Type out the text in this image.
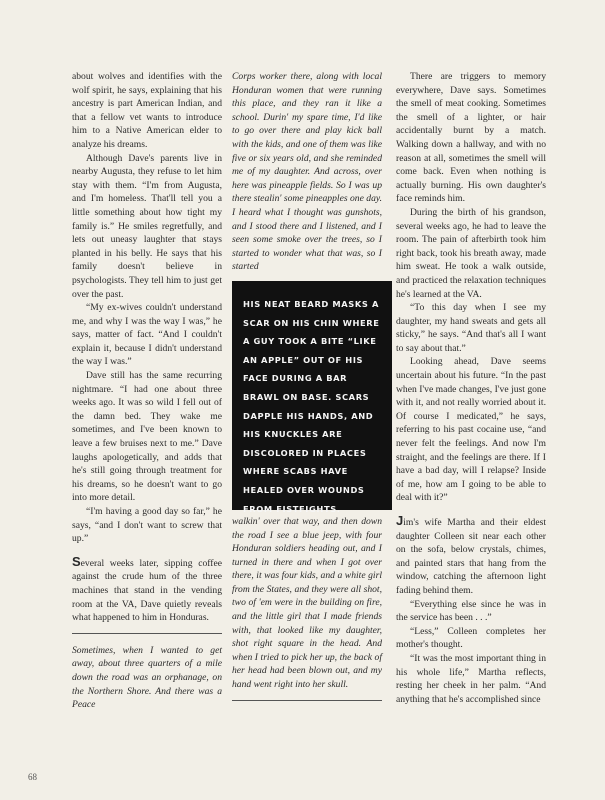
about wolves and identifies with the wolf spirit, he says, explaining that his ancestry is part American Indian, and that a fellow vet wants to introduce him to a Native American elder to analyze his dreams.

Although Dave's parents live in nearby Augusta, they refuse to let him stay with them. “I'm from Augusta, and I'm homeless. That'll tell you a little something about how tight my family is.” He smiles regretfully, and lets out uneasy laughter that stays planted in his belly. He says that his family doesn't believe in psychologists. They tell him to just get over the past.

“My ex-wives couldn't understand me, and why I was the way I was,” he says, matter of fact. “And I couldn't explain it, because I didn't understand the way I was.”

Dave still has the same recurring nightmare. “I had one about three weeks ago. It was so wild I fell out of the damn bed. They wake me sometimes, and I've been known to leave a few bruises next to me.” Dave laughs apologetically, and adds that he's still going through treatment for his dreams, so he doesn't want to go into more detail.

“I'm having a good day so far,” he says, “and I don't want to screw that up.”

Several weeks later, sipping coffee against the crude hum of the three machines that stand in the vending room at the VA, Dave quietly reveals what happened to him in Honduras.

Sometimes, when I wanted to get away, about three quarters of a mile down the road was an orphanage, on the Northern Shore. And there was a Peace

Corps worker there, along with local Honduran women that were running this place, and they ran it like a school. Durin' my spare time, I'd like to go over there and play kick ball with the kids, and one of them was like five or six years old, and she reminded me of my daughter. And across, over here was pineapple fields. So I was up there stealin' some pineapples one day. I heard what I thought was gunshots, and I stood there and I listened, and I seen some smoke over the trees, so I started to wonder what that was, so I started

walkin' over that way, and then down the road I see a blue jeep, with four Honduran soldiers heading out, and I turned in there and when I got over there, it was four kids, and a white girl from the States, and they were all shot, two of 'em were in the building on fire, and the little girl that I made friends with, that looked like my daughter, shot right square in the head. And when I tried to pick her up, the back of her head had been blown out, and my hand went right into her skull.

HIS NEAT BEARD MASKS A SCAR ON HIS CHIN WHERE A GUY TOOK A BITE “LIKE AN APPLE” OUT OF HIS FACE DURING A BAR BRAWL ON BASE. SCARS DAPPLE HIS HANDS, AND HIS KNUCKLES ARE DISCOLORED IN PLACES WHERE SCABS HAVE HEALED OVER WOUNDS FROM FISTFIGHTS.

There are triggers to memory everywhere, Dave says. Sometimes the smell of meat cooking. Sometimes the smell of a lighter, or hair accidentally burnt by a match. Walking down a hallway, and with no reason at all, sometimes the smell will come back. Even when nothing is actually burning. His own daughter's face reminds him.

During the birth of his grandson, several weeks ago, he had to leave the room. The pain of afterbirth took him right back, took his breath away, made him sweat. He took a walk outside, and practiced the relaxation techniques he's learned at the VA.

“To this day when I see my daughter, my hand sweats and gets all sticky,” he says. “And that's all I want to say about that.”

Looking ahead, Dave seems uncertain about his future. “In the past when I've made changes, I've just gone with it, and not really worried about it. Of course I medicated,” he says, referring to his past cocaine use, “and never felt the feelings. And now I'm straight, and the feelings are there. If I have a bad day, will I relapse? Inside of me, how am I going to be able to deal with it?”

Jim's wife Martha and their eldest daughter Colleen sit near each other on the sofa, below crystals, chimes, and painted stars that hang from the window, catching the afternoon light fading behind them.

“Everything else since he was in the service has been . . .”

“Less,” Colleen completes her mother's thought.

“It was the most important thing in his whole life,” Martha reflects, resting her cheek in her palm. “And anything that he's accomplished since

68
